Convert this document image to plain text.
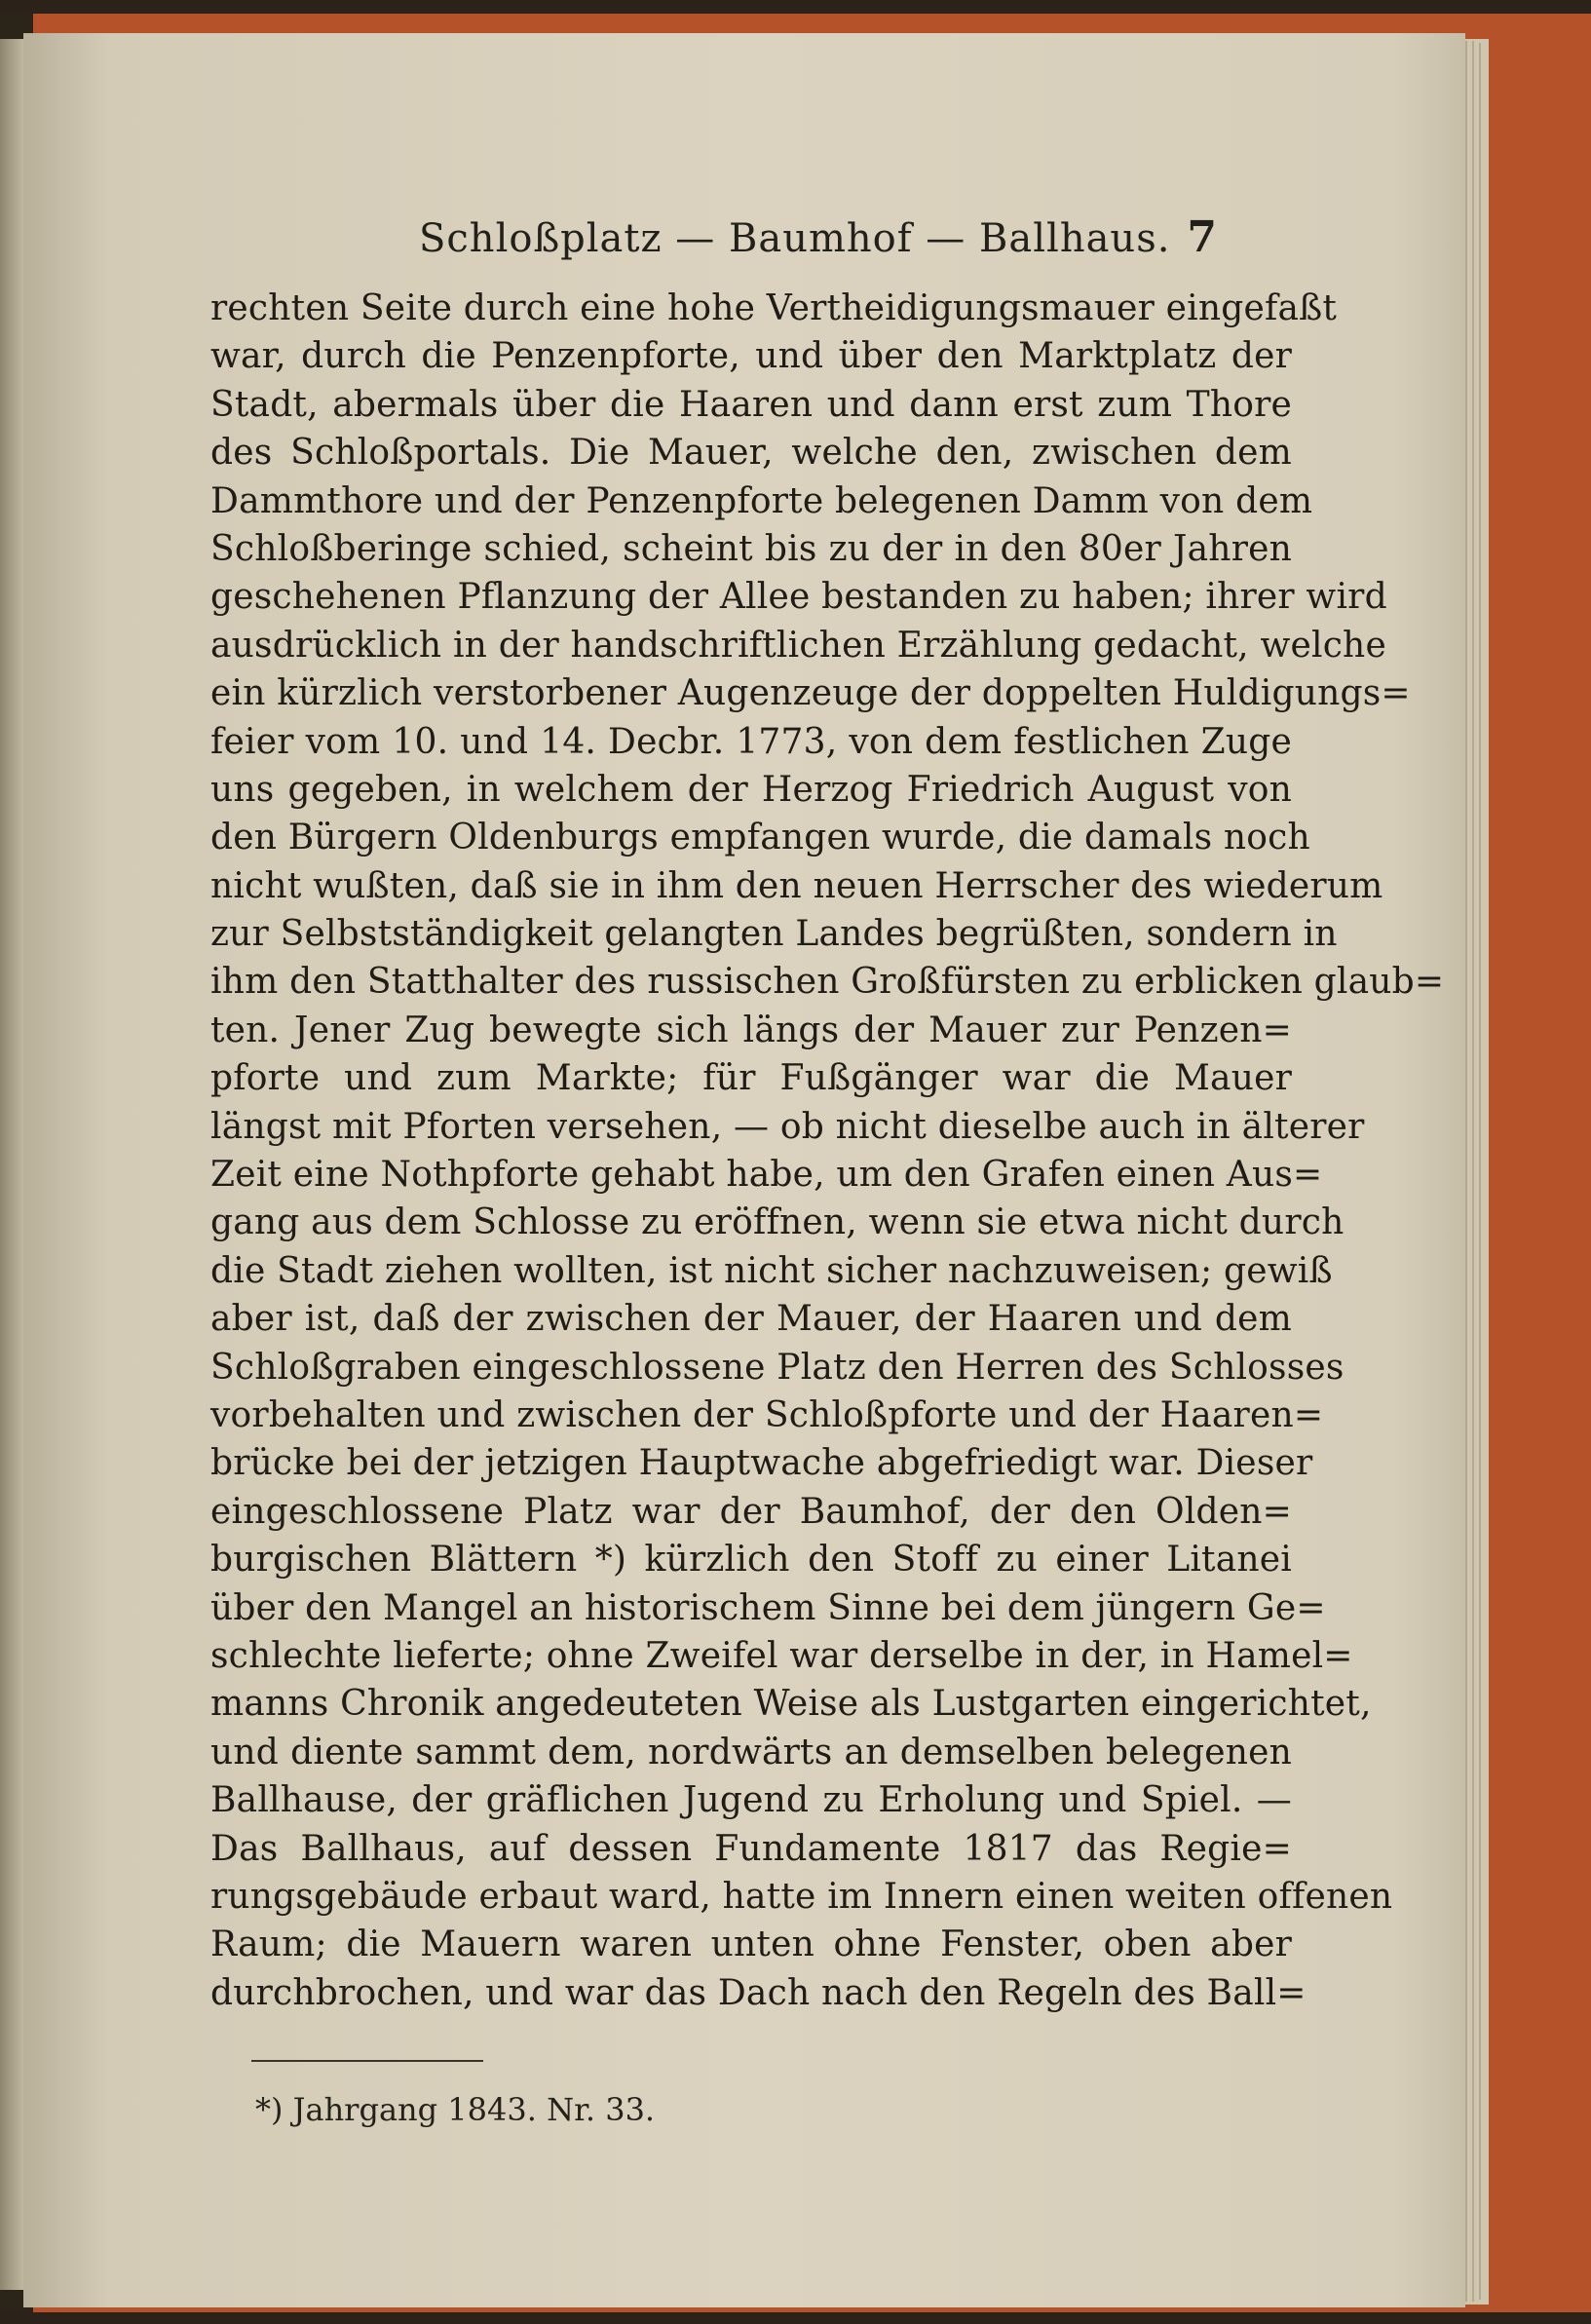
Schloßplatz — Baumhof — Ballhaus. 7
rechten Seite durch eine hohe Vertheidigungsmauer eingefaßt
war, durch die Penzenpforte, und über den Marktplatz der
Stadt, abermals über die Haaren und dann erst zum Thore
des Schloßportals. Die Mauer, welche den, zwischen dem
Dammthore und der Penzenpforte belegenen Damm von dem
Schloßberinge schied, scheint bis zu der in den 80er Jahren
geschehenen Pflanzung der Allee bestanden zu haben; ihrer wird
ausdrücklich in der handschriftlichen Erzählung gedacht, welche
ein kürzlich verstorbener Augenzeuge der doppelten Huldigungs=
feier vom 10. und 14. Decbr. 1773, von dem festlichen Zuge
uns gegeben, in welchem der Herzog Friedrich August von
den Bürgern Oldenburgs empfangen wurde, die damals noch
nicht wußten, daß sie in ihm den neuen Herrscher des wiederum
zur Selbstständigkeit gelangten Landes begrüßten, sondern in
ihm den Statthalter des russischen Großfürsten zu erblicken glaub=
ten. Jener Zug bewegte sich längs der Mauer zur Penzen=
pforte und zum Markte; für Fußgänger war die Mauer
längst mit Pforten versehen, — ob nicht dieselbe auch in älterer
Zeit eine Nothpforte gehabt habe, um den Grafen einen Aus=
gang aus dem Schlosse zu eröffnen, wenn sie etwa nicht durch
die Stadt ziehen wollten, ist nicht sicher nachzuweisen; gewiß
aber ist, daß der zwischen der Mauer, der Haaren und dem
Schloßgraben eingeschlossene Platz den Herren des Schlosses
vorbehalten und zwischen der Schloßpforte und der Haaren=
brücke bei der jetzigen Hauptwache abgefriedigt war. Dieser
eingeschlossene Platz war der Baumhof, der den Olden=
burgischen Blättern *) kürzlich den Stoff zu einer Litanei
über den Mangel an historischem Sinne bei dem jüngern Ge=
schlechte lieferte; ohne Zweifel war derselbe in der, in Hamel=
manns Chronik angedeuteten Weise als Lustgarten eingerichtet,
und diente sammt dem, nordwärts an demselben belegenen
Ballhause, der gräflichen Jugend zu Erholung und Spiel. —
Das Ballhaus, auf dessen Fundamente 1817 das Regie=
rungsgebäude erbaut ward, hatte im Innern einen weiten offenen
Raum; die Mauern waren unten ohne Fenster, oben aber
durchbrochen, und war das Dach nach den Regeln des Ball=
*) Jahrgang 1843. Nr. 33.
